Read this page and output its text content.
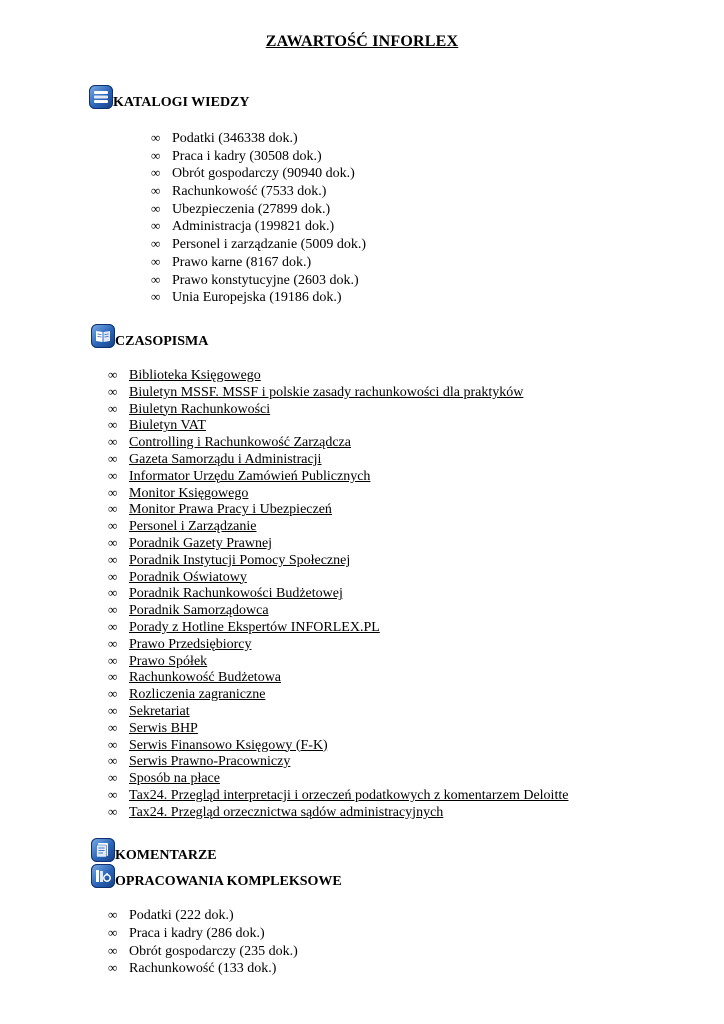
ZAWARTOŚĆ INFORLEX
KATALOGI WIEDZY
∞ Podatki (346338 dok.)
∞ Praca i kadry (30508 dok.)
∞ Obrót gospodarczy (90940 dok.)
∞ Rachunkowość (7533 dok.)
∞ Ubezpieczenia (27899 dok.)
∞ Administracja (199821 dok.)
∞ Personel i zarządzanie (5009 dok.)
∞ Prawo karne (8167 dok.)
∞ Prawo konstytucyjne (2603 dok.)
∞ Unia Europejska (19186 dok.)
CZASOPISMA
∞ Biblioteka Księgowego
∞ Biuletyn MSSF. MSSF i polskie zasady rachunkowości dla praktyków
∞ Biuletyn Rachunkowości
∞ Biuletyn VAT
∞ Controlling i Rachunkowość Zarządcza
∞ Gazeta Samorządu i Administracji
∞ Informator Urzędu Zamówień Publicznych
∞ Monitor Księgowego
∞ Monitor Prawa Pracy i Ubezpieczeń
∞ Personel i Zarządzanie
∞ Poradnik Gazety Prawnej
∞ Poradnik Instytucji Pomocy Społecznej
∞ Poradnik Oświatowy
∞ Poradnik Rachunkowości Budżetowej
∞ Poradnik Samorządowca
∞ Porady z Hotline Ekspertów INFORLEX.PL
∞ Prawo Przedsiębiorcy
∞ Prawo Spółek
∞ Rachunkowość Budżetowa
∞ Rozliczenia zagraniczne
∞ Sekretariat
∞ Serwis BHP
∞ Serwis Finansowo Księgowy (F-K)
∞ Serwis Prawno-Pracowniczy
∞ Sposób na płace
∞ Tax24. Przegląd interpretacji i orzeczeń podatkowych z komentarzem Deloitte
∞ Tax24. Przegląd orzecznictwa sądów administracyjnych
KOMENTARZE
OPRACOWANIA KOMPLEKSOWE
∞ Podatki (222 dok.)
∞ Praca i kadry (286 dok.)
∞ Obrót gospodarczy (235 dok.)
∞ Rachunkowość (133 dok.)
